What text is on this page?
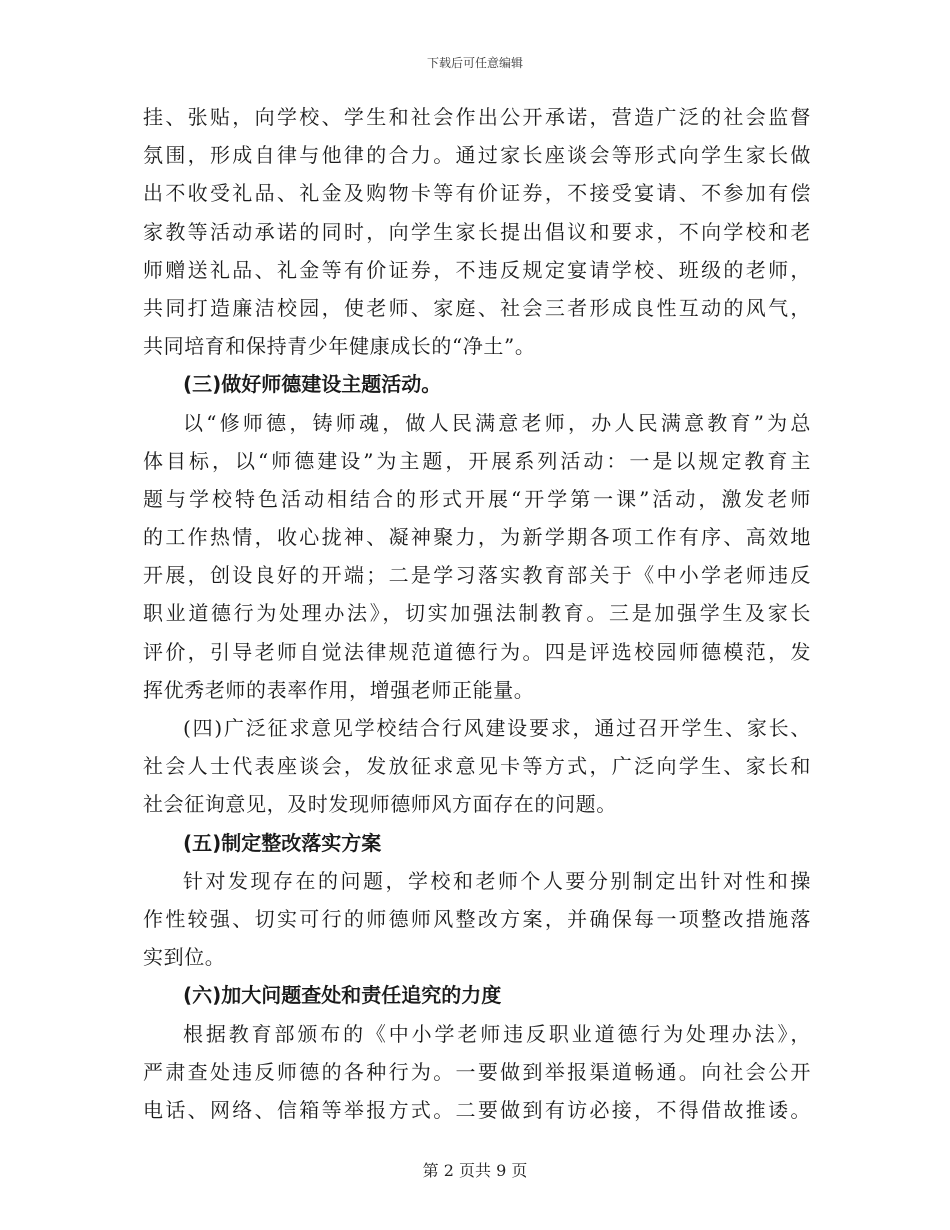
下载后可任意编辑
挂、张贴，向学校、学生和社会作出公开承诺，营造广泛的社会监督
氛围，形成自律与他律的合力。通过家长座谈会等形式向学生家长做
出不收受礼品、礼金及购物卡等有价证券，不接受宴请、不参加有偿
家教等活动承诺的同时，向学生家长提出倡议和要求，不向学校和老
师赠送礼品、礼金等有价证券，不违反规定宴请学校、班级的老师，
共同打造廉洁校园，使老师、家庭、社会三者形成良性互动的风气，
共同培育和保持青少年健康成长的“净土”。
(三)做好师德建设主题活动。
以“修师德，铸师魂，做人民满意老师，办人民满意教育”为总
体目标，以“师德建设”为主题，开展系列活动：一是以规定教育主
题与学校特色活动相结合的形式开展“开学第一课”活动，激发老师
的工作热情，收心拢神、凝神聚力，为新学期各项工作有序、高效地
开展，创设良好的开端；二是学习落实教育部关于《中小学老师违反
职业道德行为处理办法》，切实加强法制教育。三是加强学生及家长
评价，引导老师自觉法律规范道德行为。四是评选校园师德模范，发
挥优秀老师的表率作用，增强老师正能量。
(四)广泛征求意见学校结合行风建设要求，通过召开学生、家长、
社会人士代表座谈会，发放征求意见卡等方式，广泛向学生、家长和
社会征询意见，及时发现师德师风方面存在的问题。
(五)制定整改落实方案
针对发现存在的问题，学校和老师个人要分别制定出针对性和操
作性较强、切实可行的师德师风整改方案，并确保每一项整改措施落
实到位。
(六)加大问题查处和责任追究的力度
根据教育部颁布的《中小学老师违反职业道德行为处理办法》，
严肃查处违反师德的各种行为。一要做到举报渠道畅通。向社会公开
电话、网络、信箱等举报方式。二要做到有访必接，不得借故推诿。
第 2 页共 9 页
